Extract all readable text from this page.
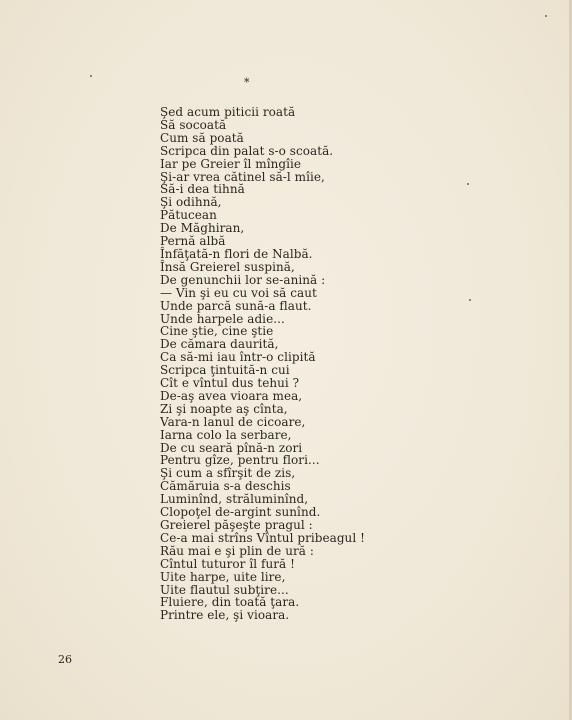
*
Şed acum piticii roată
Să socoată
Cum să poată
Scripca din palat s-o scoată.
Iar pe Greier îl mîngîie
Şi-ar vrea cătinel să-l mîie,
Să-i dea tihnă
Şi odihnă,
Pătucean
De Măghiran,
Pernă albă
Înfăţată-n flori de Nalbă.
Însă Greierel suspină,
De genunchii lor se-anină :
— Vin şi eu cu voi să caut
Unde parcă sună-a flaut.
Unde harpele adie...
Cine ştie, cine ştie
De cămara daurită,
Ca să-mi iau într-o clipită
Scripca ţintuită-n cui
Cît e vîntul dus tehui ?
De-aş avea vioara mea,
Zi şi noapte aş cînta,
Vara-n lanul de cicoare,
Iarna colo la serbare,
De cu seară pînă-n zori
Pentru gîze, pentru flori...
Şi cum a sfîrşit de zis,
Cămăruia s-a deschis
Luminînd, străluminînd,
Clopoţel de-argint sunînd.
Greierel păşeşte pragul :
Ce-a mai strîns Vîntul pribeagul !
Rău mai e şi plin de ură :
Cîntul tuturor îl fură !
Uite harpe, uite lire,
Uite flautul subţire...
Fluiere, din toată ţara.
Printre ele, şi vioara.
26
